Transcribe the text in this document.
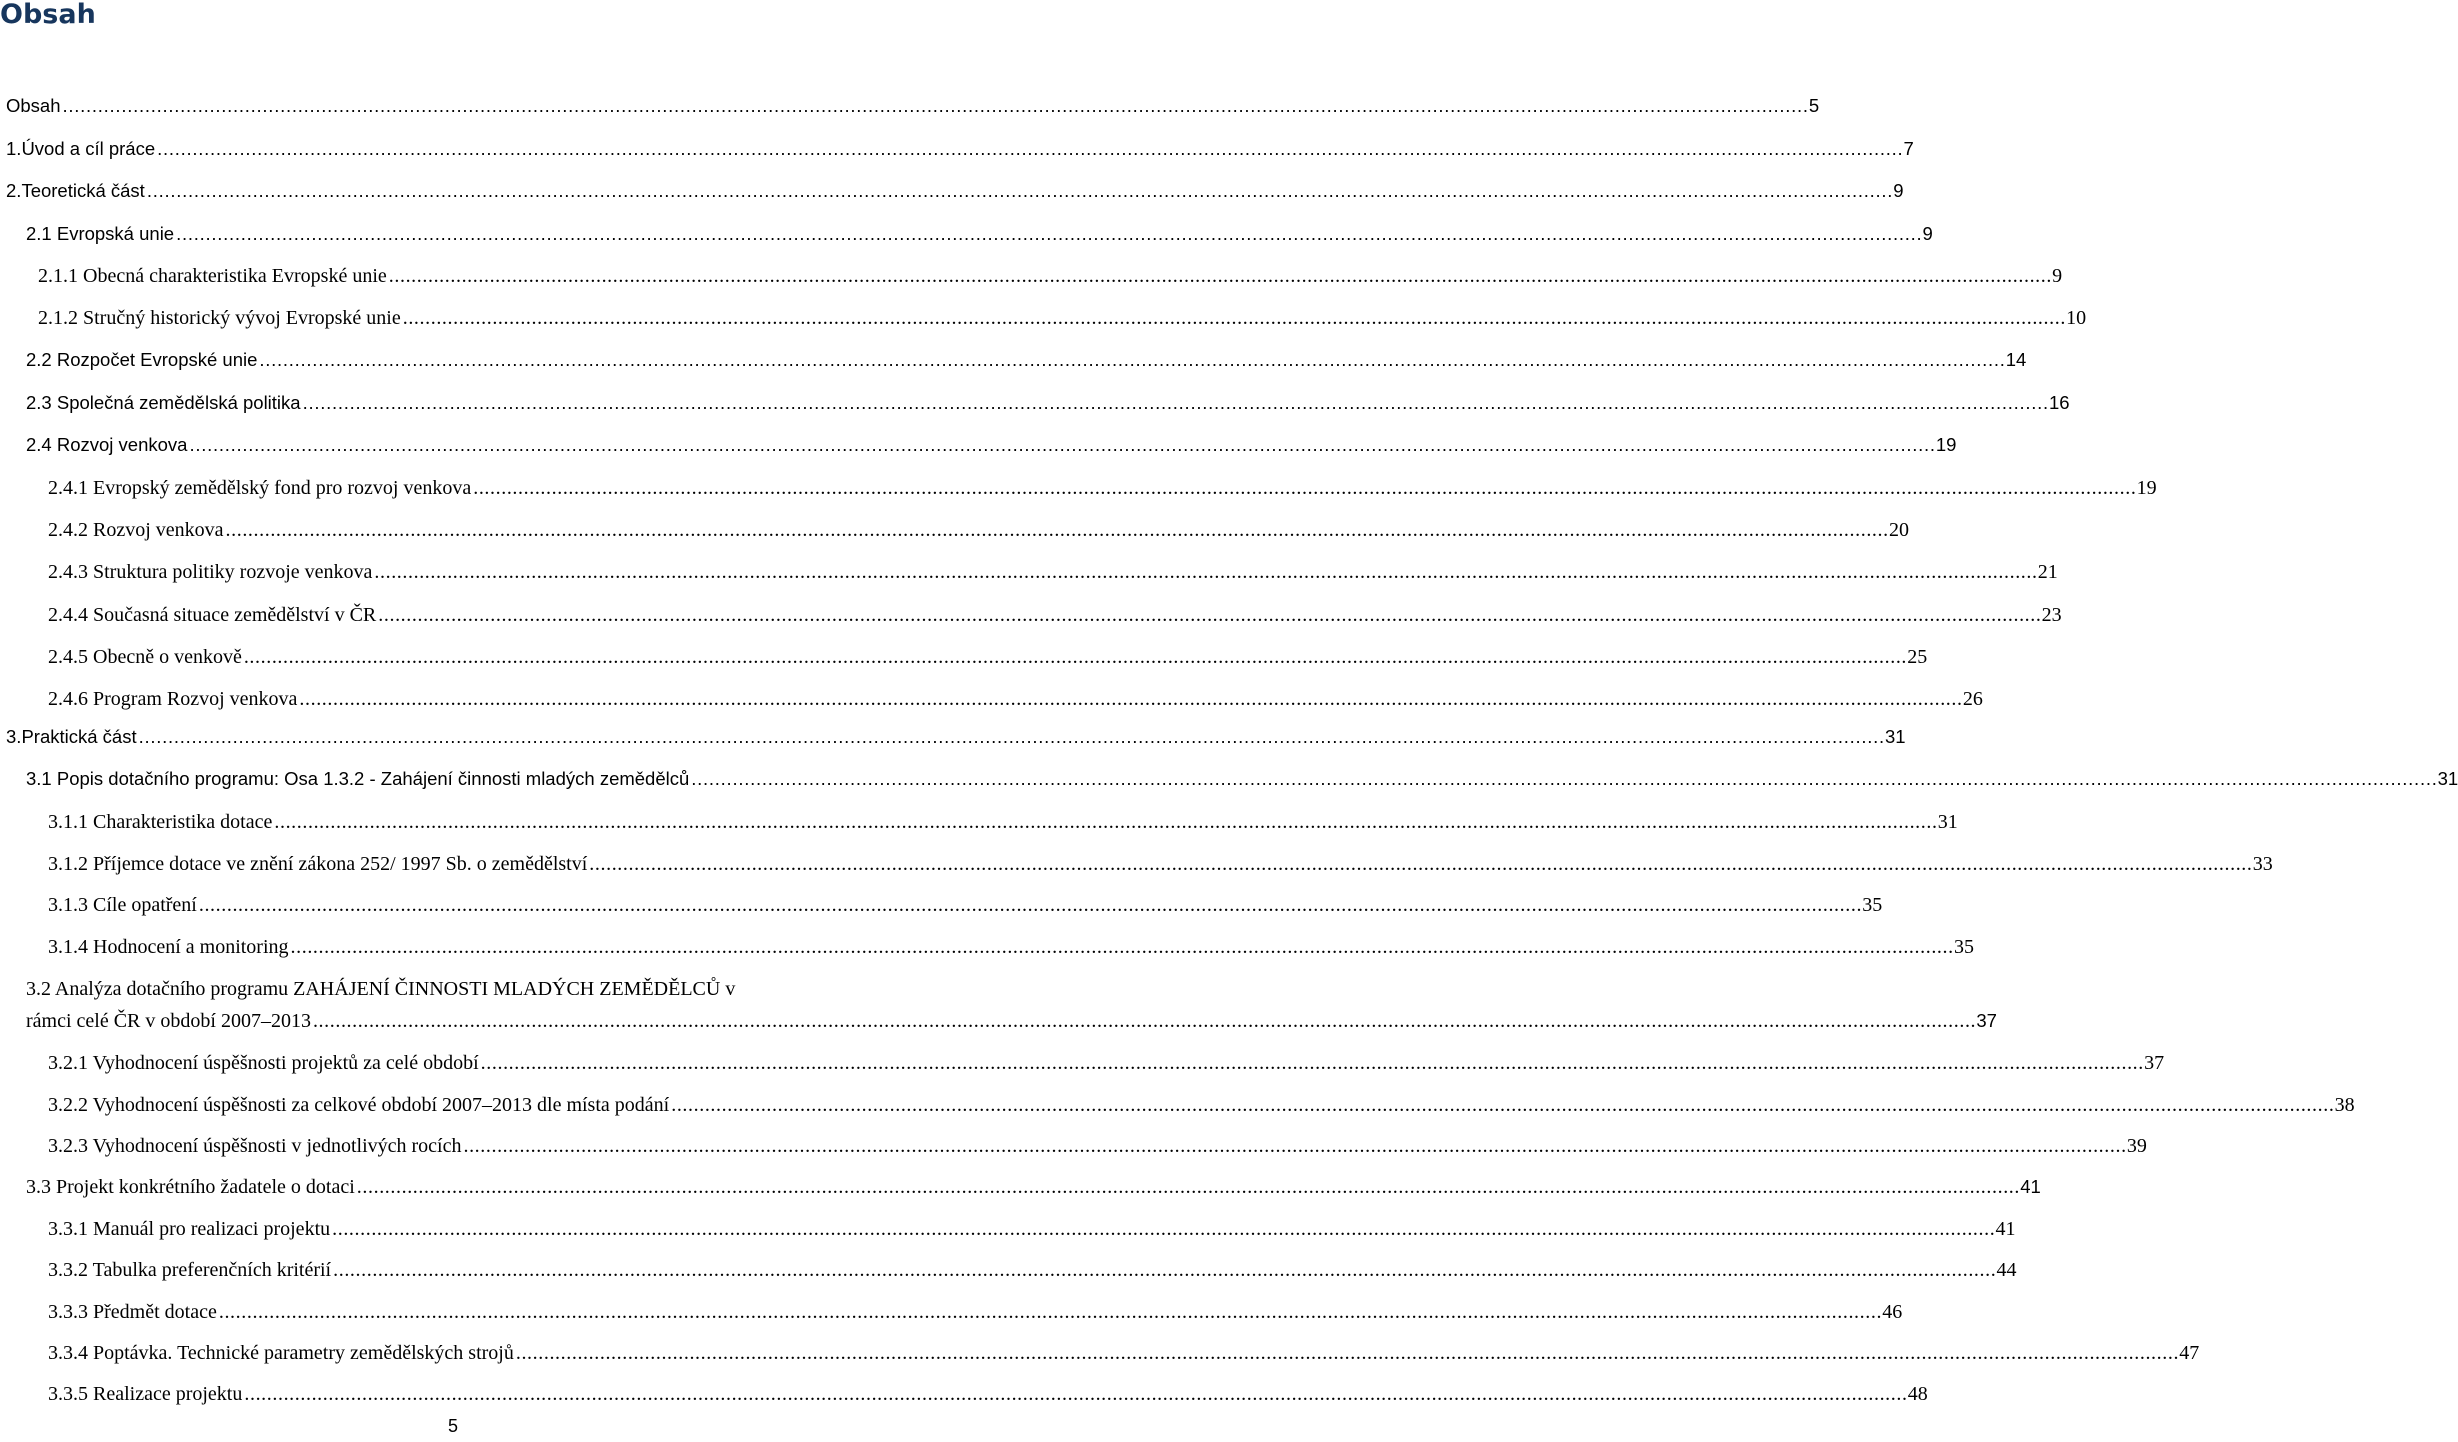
Obsah
Obsah . . .	5
1. Úvod a cíl práce . . .	7
2. Teoretická část . . .	9
2.1 Evropská unie . . .	9
2.1.1 Obecná charakteristika Evropské unie . . .	9
2.1.2 Stručný historický vývoj Evropské unie . . .	10
2.2 Rozpočet Evropské unie . . .	14
2.3 Společná zemědělská politika . . .	16
2.4 Rozvoj venkova . . .	19
2.4.1 Evropský zemědělský fond pro rozvoj venkova . . .	19
2.4.2 Rozvoj venkova . . .	20
2.4.3 Struktura politiky rozvoje venkova . . .	21
2.4.4 Současná situace zemědělství v ČR . . .	23
2.4.5 Obecně o venkově . . .	25
2.4.6 Program Rozvoj venkova . . .	26
3. Praktická část . . .	31
3.1 Popis dotačního programu: Osa 1.3.2 - Zahájení činnosti mladých zemědělců . . .	31
3.1.1 Charakteristika dotace . . .	31
3.1.2 Příjemce dotace ve znění zákona 252/ 1997 Sb. o zemědělství . . .	33
3.1.3 Cíle opatření . . .	35
3.1.4 Hodnocení a monitoring . . .	35
3.2 Analýza dotačního programu ZAHÁJENÍ ČINNOSTI MLADÝCH ZEMĚDĚLCŮ v
rámci celé ČR v období 2007–2013 . . .	37
3.2.1 Vyhodnocení úspěšnosti projektů za celé období . . .	37
3.2.2 Vyhodnocení úspěšnosti za celkové období 2007–2013 dle místa podání . . .	38
3.2.3 Vyhodnocení úspěšnosti v jednotlivých rocích . . .	39
3.3 Projekt konkrétního žadatele o dotaci . . .	41
3.3.1 Manuál pro realizaci projektu . . .	41
3.3.2 Tabulka preferenčních kritérií . . .	44
3.3.3 Předmět dotace . . .	46
3.3.4 Poptávka. Technické parametry zemědělských strojů . . .	47
3.3.5 Realizace projektu . . .	48
5
